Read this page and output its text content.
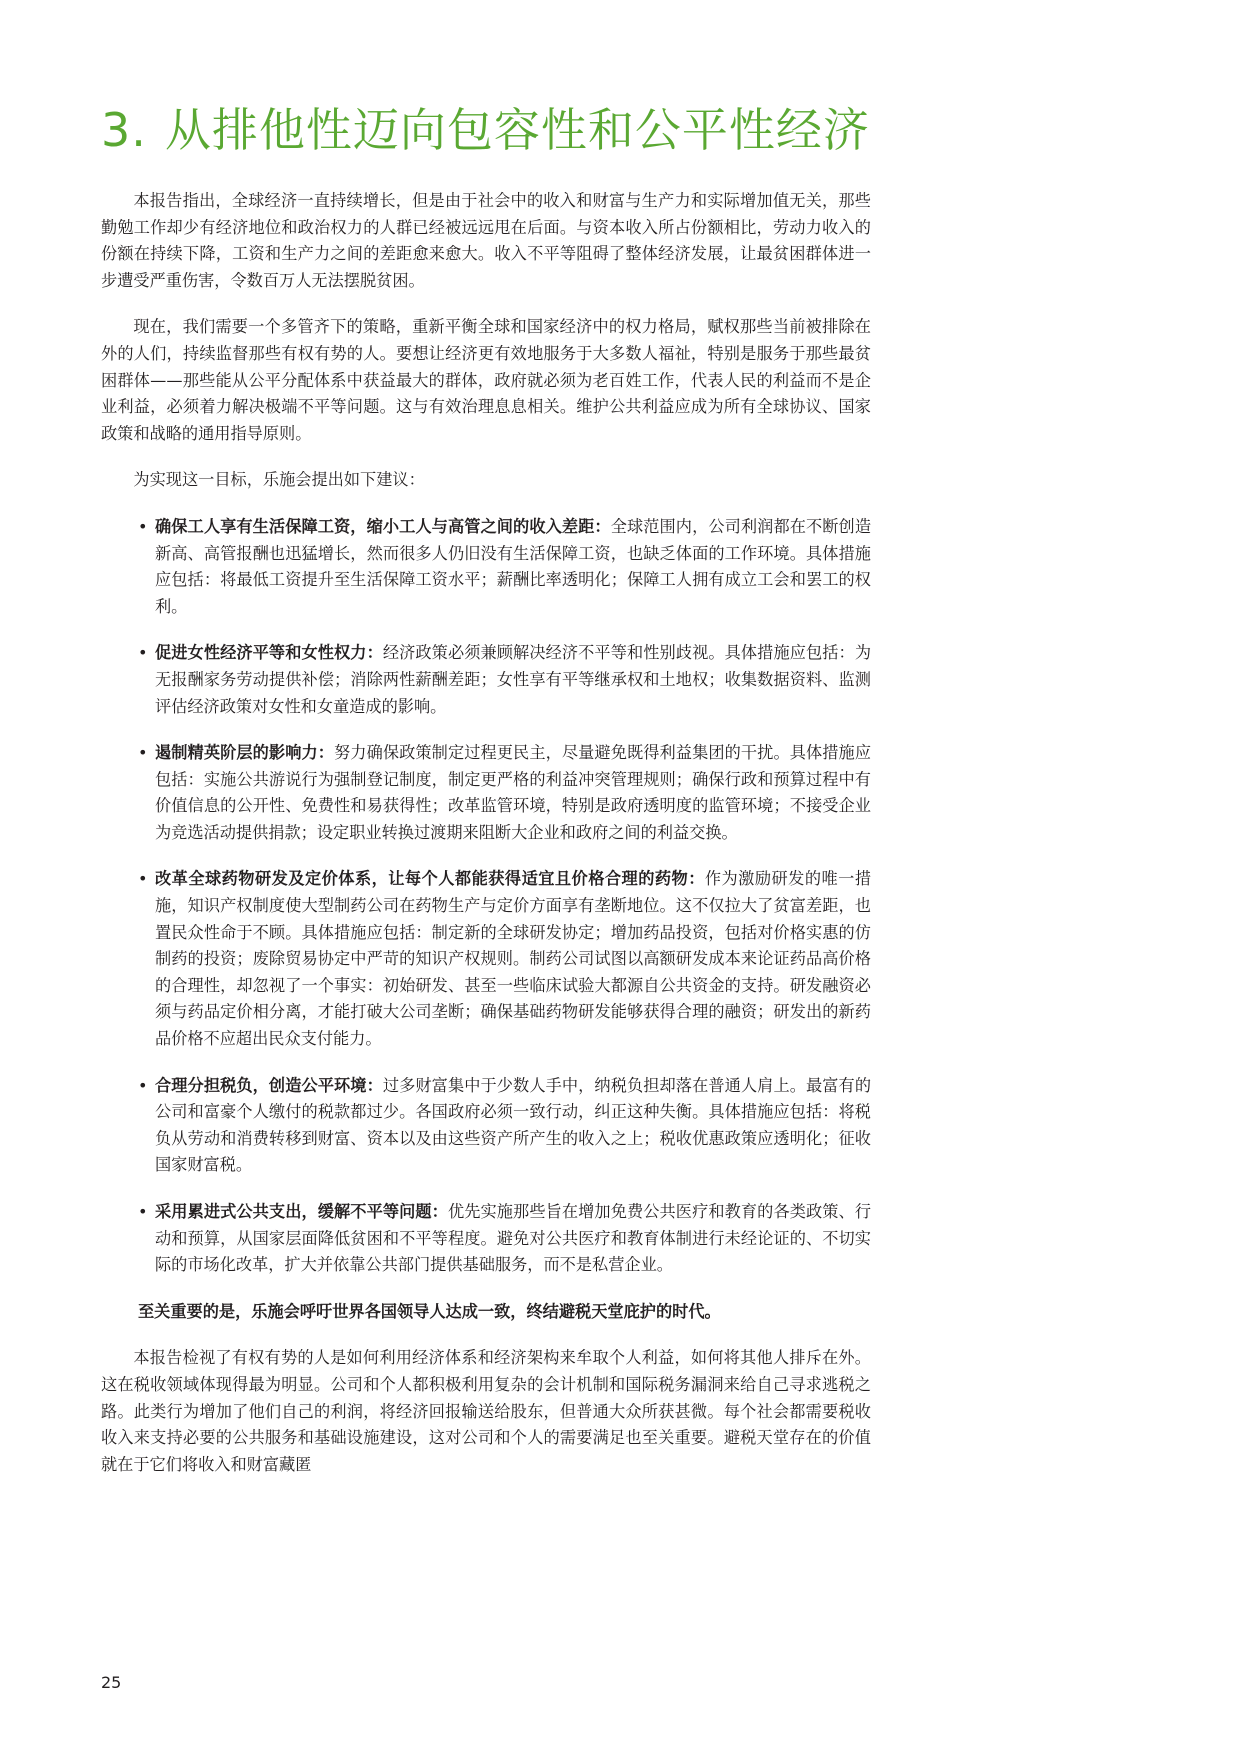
3. 从排他性迈向包容性和公平性经济

本报告指出，全球经济一直持续增长，但是由于社会中的收入和财富与生产力和实际增加值无关，那些勤勉工作却少有经济地位和政治权力的人群已经被远远甩在后面。与资本收入所占份额相比，劳动力收入的份额在持续下降，工资和生产力之间的差距愈来愈大。收入不平等阻碍了整体经济发展，让最贫困群体进一步遭受严重伤害，令数百万人无法摆脱贫困。

现在，我们需要一个多管齐下的策略，重新平衡全球和国家经济中的权力格局，赋权那些当前被排除在外的人们，持续监督那些有权有势的人。要想让经济更有效地服务于大多数人福祉，特别是服务于那些最贫困群体——那些能从公平分配体系中获益最大的群体，政府就必须为老百姓工作，代表人民的利益而不是企业利益，必须着力解决极端不平等问题。这与有效治理息息相关。维护公共利益应成为所有全球协议、国家政策和战略的通用指导原则。

为实现这一目标，乐施会提出如下建议：

• 确保工人享有生活保障工资，缩小工人与高管之间的收入差距：全球范围内，公司利润都在不断创造新高、高管报酬也迅猛增长，然而很多人仍旧没有生活保障工资，也缺乏体面的工作环境。具体措施应包括：将最低工资提升至生活保障工资水平；薪酬比率透明化；保障工人拥有成立工会和罢工的权利。
• 促进女性经济平等和女性权力：经济政策必须兼顾解决经济不平等和性别歧视。具体措施应包括：为无报酬家务劳动提供补偿；消除两性薪酬差距；女性享有平等继承权和土地权；收集数据资料、监测评估经济政策对女性和女童造成的影响。
• 遏制精英阶层的影响力：努力确保政策制定过程更民主，尽量避免既得利益集团的干扰。具体措施应包括：实施公共游说行为强制登记制度，制定更严格的利益冲突管理规则；确保行政和预算过程中有价值信息的公开性、免费性和易获得性；改革监管环境，特别是政府透明度的监管环境；不接受企业为竞选活动提供捐款；设定职业转换过渡期来阻断大企业和政府之间的利益交换。
• 改革全球药物研发及定价体系，让每个人都能获得适宜且价格合理的药物：作为激励研发的唯一措施，知识产权制度使大型制药公司在药物生产与定价方面享有垄断地位。这不仅拉大了贫富差距，也置民众性命于不顾。具体措施应包括：制定新的全球研发协定；增加药品投资，包括对价格实惠的仿制药的投资；废除贸易协定中严苛的知识产权规则。制药公司试图以高额研发成本来论证药品高价格的合理性，却忽视了一个事实：初始研发、甚至一些临床试验大都源自公共资金的支持。研发融资必须与药品定价相分离，才能打破大公司垄断；确保基础药物研发能够获得合理的融资；研发出的新药品价格不应超出民众支付能力。
• 合理分担税负，创造公平环境：过多财富集中于少数人手中，纳税负担却落在普通人肩上。最富有的公司和富豪个人缴付的税款都过少。各国政府必须一致行动，纠正这种失衡。具体措施应包括：将税负从劳动和消费转移到财富、资本以及由这些资产所产生的收入之上；税收优惠政策应透明化；征收国家财富税。
• 采用累进式公共支出，缓解不平等问题：优先实施那些旨在增加免费公共医疗和教育的各类政策、行动和预算，从国家层面降低贫困和不平等程度。避免对公共医疗和教育体制进行未经论证的、不切实际的市场化改革，扩大并依靠公共部门提供基础服务，而不是私营企业。

至关重要的是，乐施会呼吁世界各国领导人达成一致，终结避税天堂庇护的时代。

本报告检视了有权有势的人是如何利用经济体系和经济架构来牟取个人利益，如何将其他人排斥在外。这在税收领域体现得最为明显。公司和个人都积极利用复杂的会计机制和国际税务漏洞来给自己寻求逃税之路。此类行为增加了他们自己的利润，将经济回报输送给股东，但普通大众所获甚微。每个社会都需要税收收入来支持必要的公共服务和基础设施建设，这对公司和个人的需要满足也至关重要。避税天堂存在的价值就在于它们将收入和财富藏匿

25
